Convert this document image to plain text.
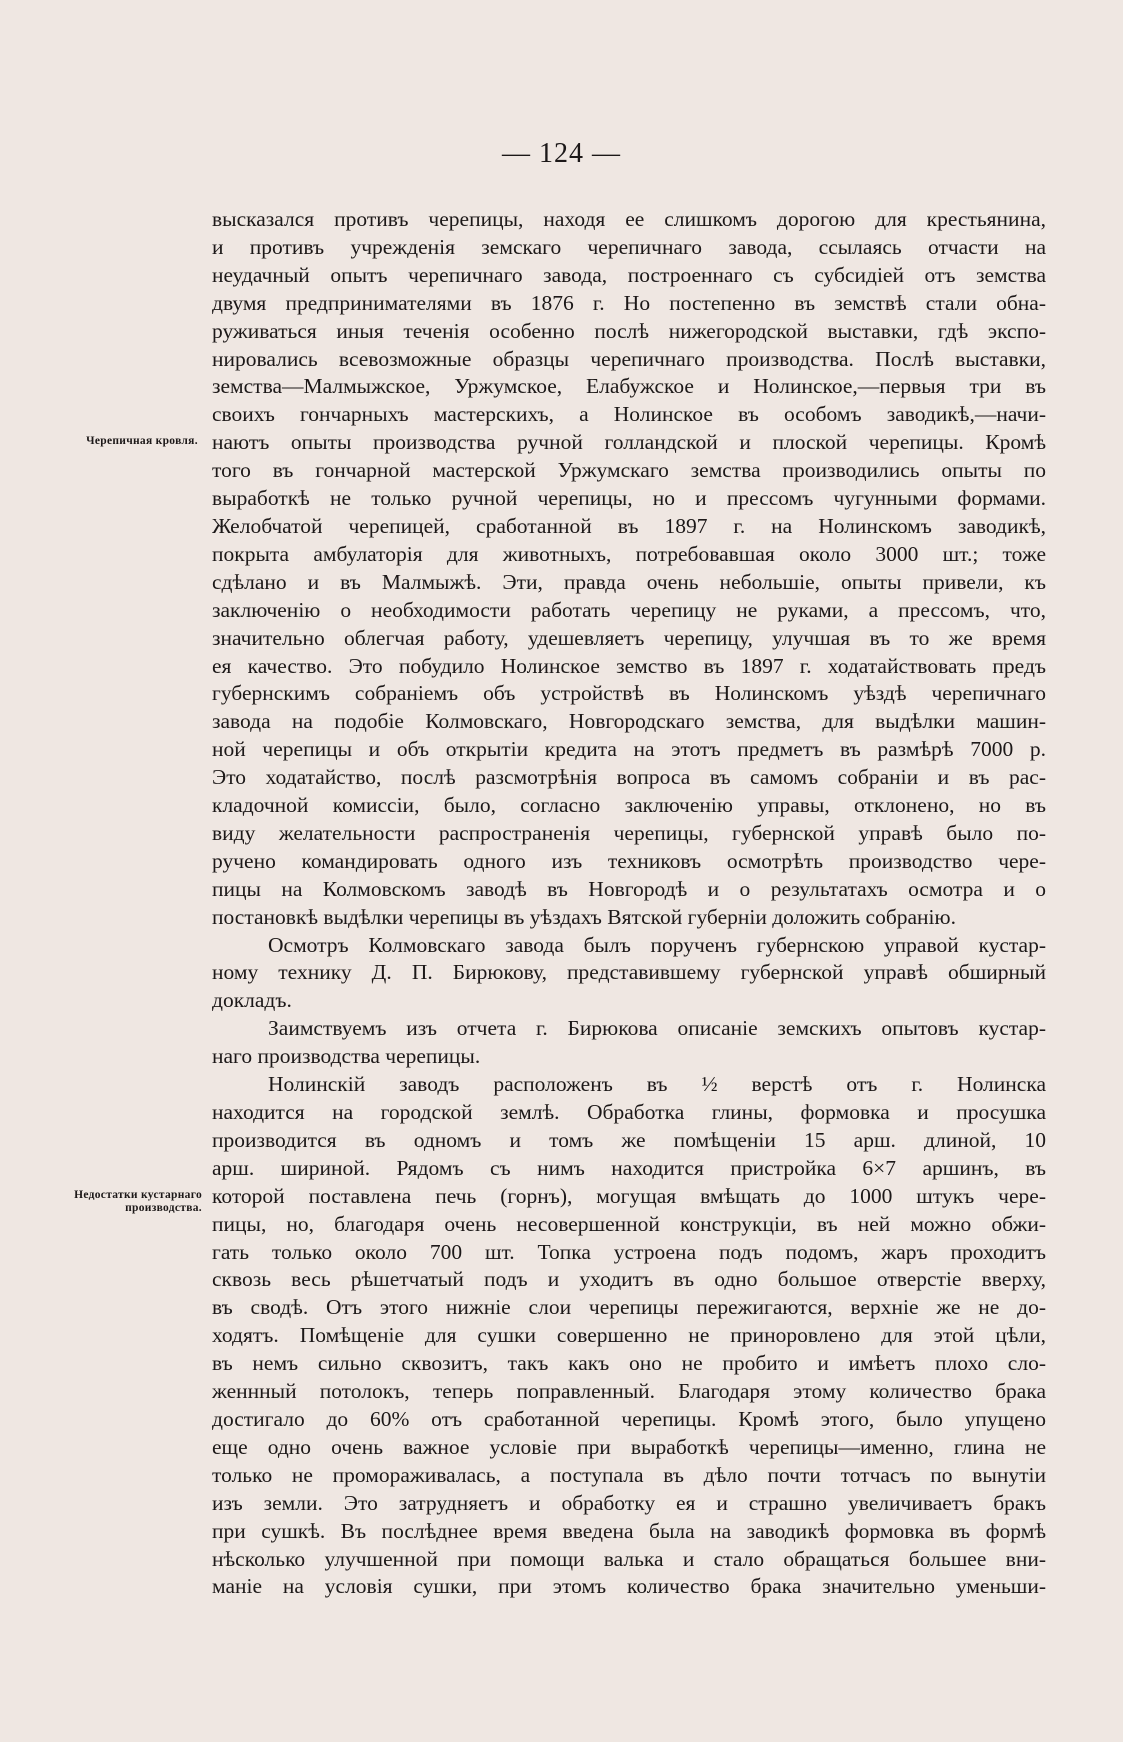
— 124 —
Черепичная кровля.
Недостатки кустарнаго производства.
высказался противъ черепицы, находя ее слишкомъ дорогою для крестьянина,
и противъ учрежденія земскаго черепичнаго завода, ссылаясь отчасти на
неудачный опытъ черепичнаго завода, построеннаго съ субсидіей отъ земства
двумя предпринимателями въ 1876 г. Но постепенно въ земствѣ стали обна-
руживаться иныя теченія особенно послѣ нижегородской выставки, гдѣ экспо-
нировались всевозможные образцы черепичнаго производства. Послѣ выставки,
земства—Малмыжское, Уржумское, Елабужское и Нолинское,—первыя три въ
своихъ гончарныхъ мастерскихъ, а Нолинское въ особомъ заводикѣ,—начи-
наютъ опыты производства ручной голландской и плоской черепицы. Кромѣ
того въ гончарной мастерской Уржумскаго земства производились опыты по
выработкѣ не только ручной черепицы, но и прессомъ чугунными формами.
Желобчатой черепицей, сработанной въ 1897 г. на Нолинскомъ заводикѣ,
покрыта амбулаторія для животныхъ, потребовавшая около 3000 шт.; тоже
сдѣлано и въ Малмыжѣ. Эти, правда очень небольшіе, опыты привели, къ
заключенію о необходимости работать черепицу не руками, а прессомъ, что,
значительно облегчая работу, удешевляетъ черепицу, улучшая въ то же время
ея качество. Это побудило Нолинское земство въ 1897 г. ходатайствовать предъ
губернскимъ собраніемъ объ устройствѣ въ Нолинскомъ уѣздѣ черепичнаго
завода на подобіе Колмовскаго, Новгородскаго земства, для выдѣлки машин-
ной черепицы и объ открытіи кредита на этотъ предметъ въ размѣрѣ 7000 р.
Это ходатайство, послѣ разсмотрѣнія вопроса въ самомъ собраніи и въ рас-
кладочной комиссіи, было, согласно заключенію управы, отклонено, но въ
виду желательности распространенія черепицы, губернской управѣ было по-
ручено командировать одного изъ техниковъ осмотрѣть производство чере-
пицы на Колмовскомъ заводѣ въ Новгородѣ и о результатахъ осмотра и о
постановкѣ выдѣлки черепицы въ уѣздахъ Вятской губерніи доложить собранію.
Осмотръ Колмовскаго завода былъ порученъ губернскою управой кустар-
ному технику Д. П. Бирюкову, представившему губернской управѣ обширный
докладъ.
Заимствуемъ изъ отчета г. Бирюкова описаніе земскихъ опытовъ кустар-
наго производства черепицы.
Нолинскій заводъ расположенъ въ ½ верстѣ отъ г. Нолинска
находится на городской землѣ. Обработка глины, формовка и просушка
производится въ одномъ и томъ же помѣщеніи 15 арш. длиной, 10
арш. шириной. Рядомъ съ нимъ находится пристройка 6×7 аршинъ, въ
которой поставлена печь (горнъ), могущая вмѣщать до 1000 штукъ чере-
пицы, но, благодаря очень несовершенной конструкціи, въ ней можно обжи-
гать только около 700 шт. Топка устроена подъ подомъ, жаръ проходитъ
сквозь весь рѣшетчатый подъ и уходитъ въ одно большое отверстіе вверху,
въ сводѣ. Отъ этого нижніе слои черепицы пережигаются, верхніе же не до-
ходятъ. Помѣщеніе для сушки совершенно не приноровлено для этой цѣли,
въ немъ сильно сквозитъ, такъ какъ оно не пробито и имѣетъ плохо сло-
женнный потолокъ, теперь поправленный. Благодаря этому количество брака
достигало до 60% отъ сработанной черепицы. Кромѣ этого, было упущено
еще одно очень важное условіе при выработкѣ черепицы—именно, глина не
только не промораживалась, а поступала въ дѣло почти тотчасъ по вынутіи
изъ земли. Это затрудняетъ и обработку ея и страшно увеличиваетъ бракъ
при сушкѣ. Въ послѣднее время введена была на заводикѣ формовка въ формѣ
нѣсколько улучшенной при помощи валька и стало обращаться большее вни-
маніе на условія сушки, при этомъ количество брака значительно уменьши-
